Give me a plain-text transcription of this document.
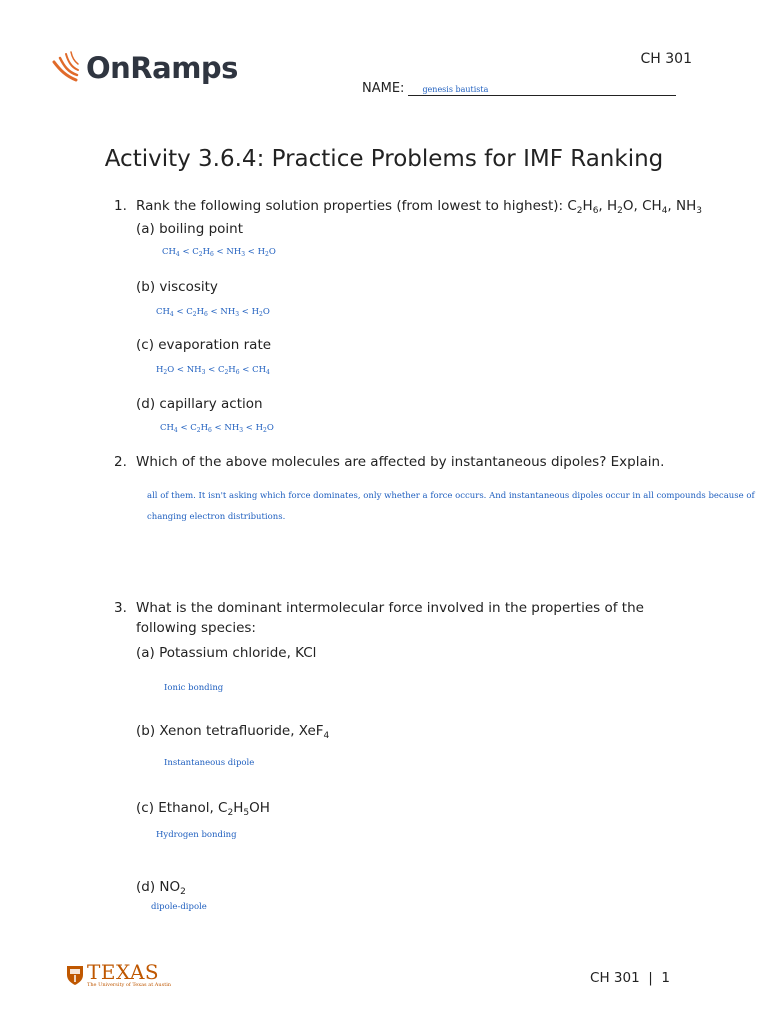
OnRamps	CH 301
NAME: genesis bautista
Activity 3.6.4: Practice Problems for IMF Ranking
1. Rank the following solution properties (from lowest to highest): $C_2H_6$, $H_2O$, $CH_4$, $NH_3$
(a) boiling point
$CH_4 < C_2H_6 < NH_3 < H_2O$
(b) viscosity
$CH_4 < C_2H_6 < NH_3 < H_2O$
(c) evaporation rate
$H_2O < NH_3 < C_2H_6 < CH_4$
(d) capillary action
$CH_4 < C_2H_6 < NH_3 < H_2O$
2. Which of the above molecules are affected by instantaneous dipoles? Explain.
all of them. It isn't asking which force dominates, only whether a force occurs. And instantaneous dipoles occur in all compounds because of changing electron distributions.
3. What is the dominant intermolecular force involved in the properties of the
following species:
(a) Potassium chloride, KCl
Ionic bonding
(b) Xenon tetrafluoride, XeF$_4$
Instantaneous dipole
(c) Ethanol, $C_2H_5OH$
Hydrogen bonding
(d) $NO_2$
dipole-dipole
TEXAS
The University of Texas at Austin	CH 301  |  1
